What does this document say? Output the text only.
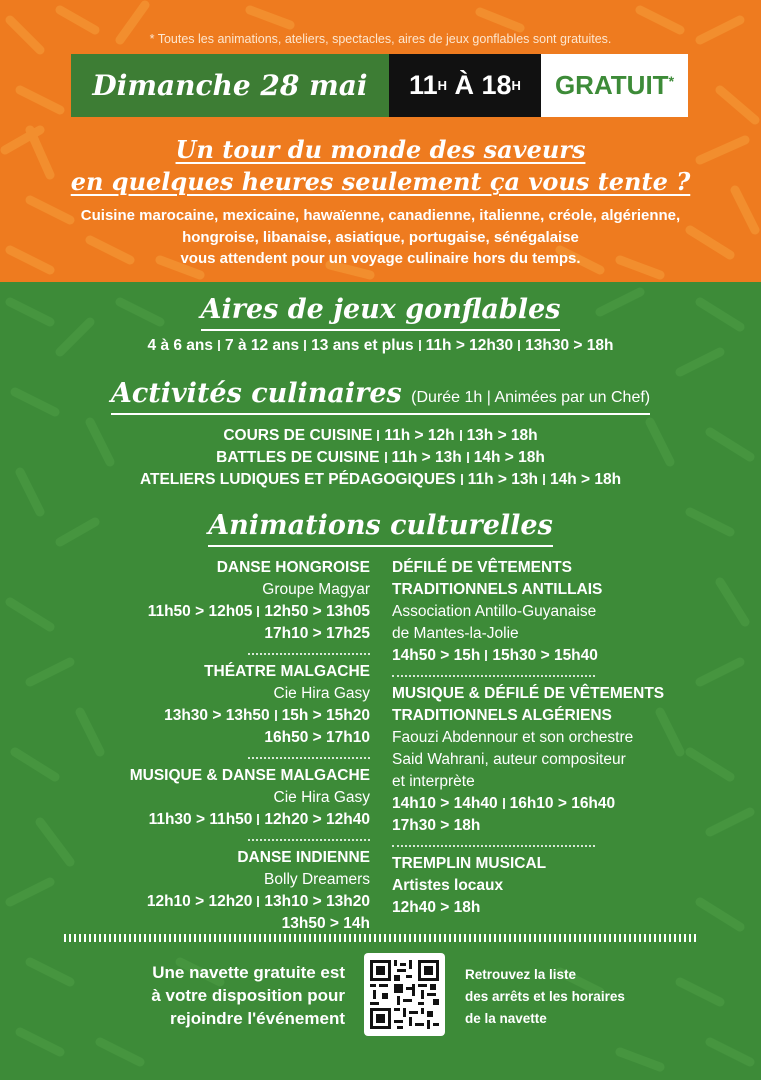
* Toutes les animations, ateliers, spectacles, aires de jeux gonflables sont gratuites.
Dimanche 28 mai	11 H À 18 H GRATUIT *
Un tour du monde des saveurs
en quelques heures seulement ça vous tente ?
Cuisine marocaine, mexicaine, hawaïenne, canadienne, italienne, créole, algérienne,
hongroise, libanaise, asiatique, portugaise, sénégalaise
vous attendent pour un voyage culinaire hors du temps.
Aires de jeux gonflables
4 à 6 ans 7 à 12 ans 13 ans et plus 11h > 12h30 13h30 > 18h
Activités culinaires (Durée 1h | Animées par un Chef)
COURS DE CUISINE 11h > 12h 13h > 18h
BATTLES DE CUISINE 11h > 13h 14h > 18h
ATELIERS LUDIQUES ET PÉDAGOGIQUES 11h > 13h 14h > 18h
Animations culturelles
DANSE HONGROISE
Groupe Magyar
11h50 > 12h05 12h50 > 13h05
17h10 > 17h25
THÉATRE MALGACHE
Cie Hira Gasy
13h30 > 13h50 15h > 15h20
16h50 > 17h10
MUSIQUE & DANSE MALGACHE
Cie Hira Gasy
11h30 > 11h50 12h20 > 12h40
DANSE INDIENNE
Bolly Dreamers
12h10 > 12h20 13h10 > 13h20
13h50 > 14h
DÉFILÉ DE VÊTEMENTS
TRADITIONNELS ANTILLAIS
Association Antillo-Guyanaise
de Mantes-la-Jolie
14h50 > 15h 15h30 > 15h40
MUSIQUE & DÉFILÉ DE VÊTEMENTS
TRADITIONNELS ALGÉRIENS
Faouzi Abdennour et son orchestre
Said Wahrani, auteur compositeur
et interprète
14h10 > 14h40 16h10 > 16h40
17h30 > 18h
TREMPLIN MUSICAL
Artistes locaux
12h40 > 18h
Une navette gratuite est
à votre disposition pour
rejoindre l'événement
Retrouvez la liste
des arrêts et les horaires
de la navette
